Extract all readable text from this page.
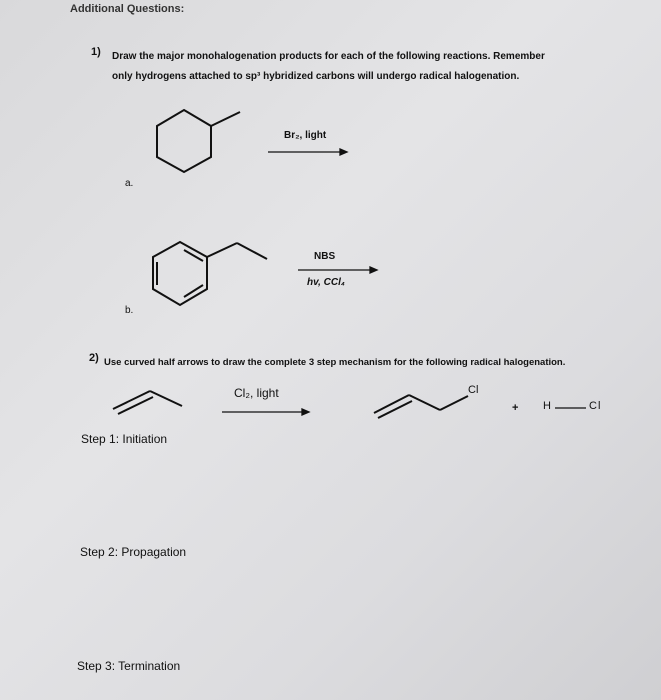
Additional Questions:
1) Draw the major monohalogenation products for each of the following reactions. Remember
only hydrogens attached to sp³ hybridized carbons will undergo radical halogenation.
Br₂, light
a.
NBS
hv, CCl₄
b.
2) Use curved half arrows to draw the complete 3 step mechanism for the following radical halogenation.
Cl₂, light	Cl
+ H	Cl
Step 1: Initiation
Step 2: Propagation
Step 3: Termination
